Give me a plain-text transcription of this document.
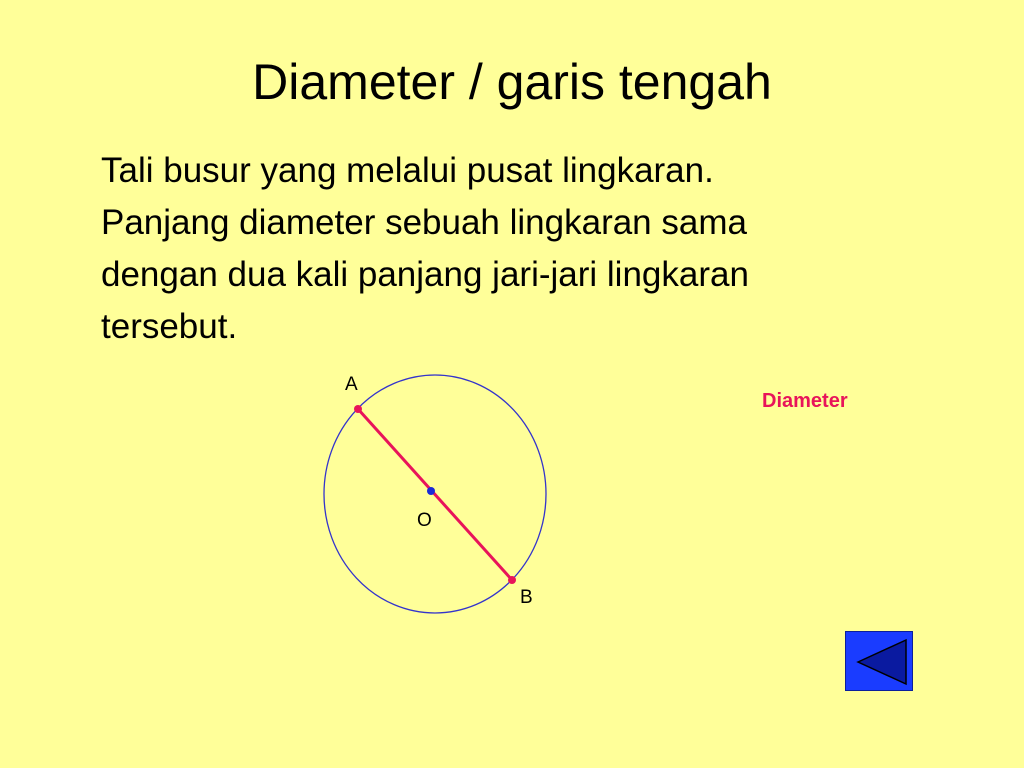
Diameter / garis tengah
Tali busur yang melalui pusat lingkaran.
Panjang diameter sebuah lingkaran sama
dengan dua kali panjang jari-jari lingkaran
tersebut.
A
O
B
Diameter
